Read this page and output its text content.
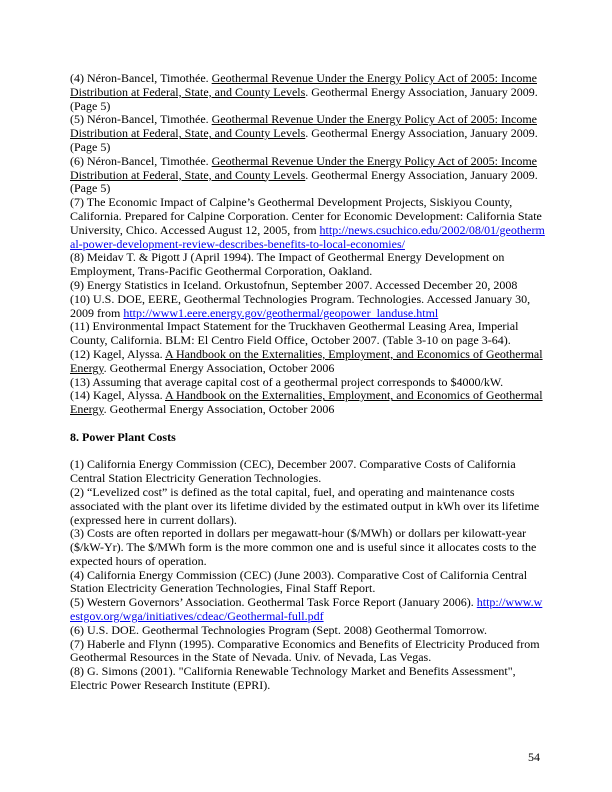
(4) Néron-Bancel, Timothée. Geothermal Revenue Under the Energy Policy Act of 2005: Income Distribution at Federal, State, and County Levels. Geothermal Energy Association, January 2009. (Page 5)

(5) Néron-Bancel, Timothée. Geothermal Revenue Under the Energy Policy Act of 2005: Income Distribution at Federal, State, and County Levels. Geothermal Energy Association, January 2009. (Page 5)

(6) Néron-Bancel, Timothée. Geothermal Revenue Under the Energy Policy Act of 2005: Income Distribution at Federal, State, and County Levels. Geothermal Energy Association, January 2009. (Page 5)

(7) The Economic Impact of Calpine’s Geothermal Development Projects, Siskiyou County, California. Prepared for Calpine Corporation. Center for Economic Development: California State University, Chico. Accessed August 12, 2005, from http://news.csuchico.edu/2002/08/01/geothermal-power-development-review-describes-benefits-to-local-economies/

(8) Meidav T. & Pigott J (April 1994). The Impact of Geothermal Energy Development on Employment, Trans-Pacific Geothermal Corporation, Oakland.

(9) Energy Statistics in Iceland. Orkustofnun, September 2007. Accessed December 20, 2008

(10) U.S. DOE, EERE, Geothermal Technologies Program. Technologies. Accessed January 30, 2009 from http://www1.eere.energy.gov/geothermal/geopower_landuse.html

(11) Environmental Impact Statement for the Truckhaven Geothermal Leasing Area, Imperial County, California. BLM: El Centro Field Office, October 2007. (Table 3-10 on page 3-64).

(12) Kagel, Alyssa. A Handbook on the Externalities, Employment, and Economics of Geothermal Energy. Geothermal Energy Association, October 2006

(13) Assuming that average capital cost of a geothermal project corresponds to $4000/kW.

(14) Kagel, Alyssa. A Handbook on the Externalities, Employment, and Economics of Geothermal Energy. Geothermal Energy Association, October 2006

8. Power Plant Costs

(1) California Energy Commission (CEC), December 2007. Comparative Costs of California Central Station Electricity Generation Technologies.

(2) “Levelized cost” is defined as the total capital, fuel, and operating and maintenance costs associated with the plant over its lifetime divided by the estimated output in kWh over its lifetime (expressed here in current dollars).

(3) Costs are often reported in dollars per megawatt-hour ($/MWh) or dollars per kilowatt-year ($/kW-Yr). The $/MWh form is the more common one and is useful since it allocates costs to the expected hours of operation.

(4) California Energy Commission (CEC) (June 2003). Comparative Cost of California Central Station Electricity Generation Technologies, Final Staff Report.

(5) Western Governors’ Association. Geothermal Task Force Report (January 2006). http://www.westgov.org/wga/initiatives/cdeac/Geothermal-full.pdf

(6) U.S. DOE. Geothermal Technologies Program (Sept. 2008) Geothermal Tomorrow.

(7) Haberle and Flynn (1995). Comparative Economics and Benefits of Electricity Produced from Geothermal Resources in the State of Nevada. Univ. of Nevada, Las Vegas.

(8) G. Simons (2001). "California Renewable Technology Market and Benefits Assessment", Electric Power Research Institute (EPRI).

54
